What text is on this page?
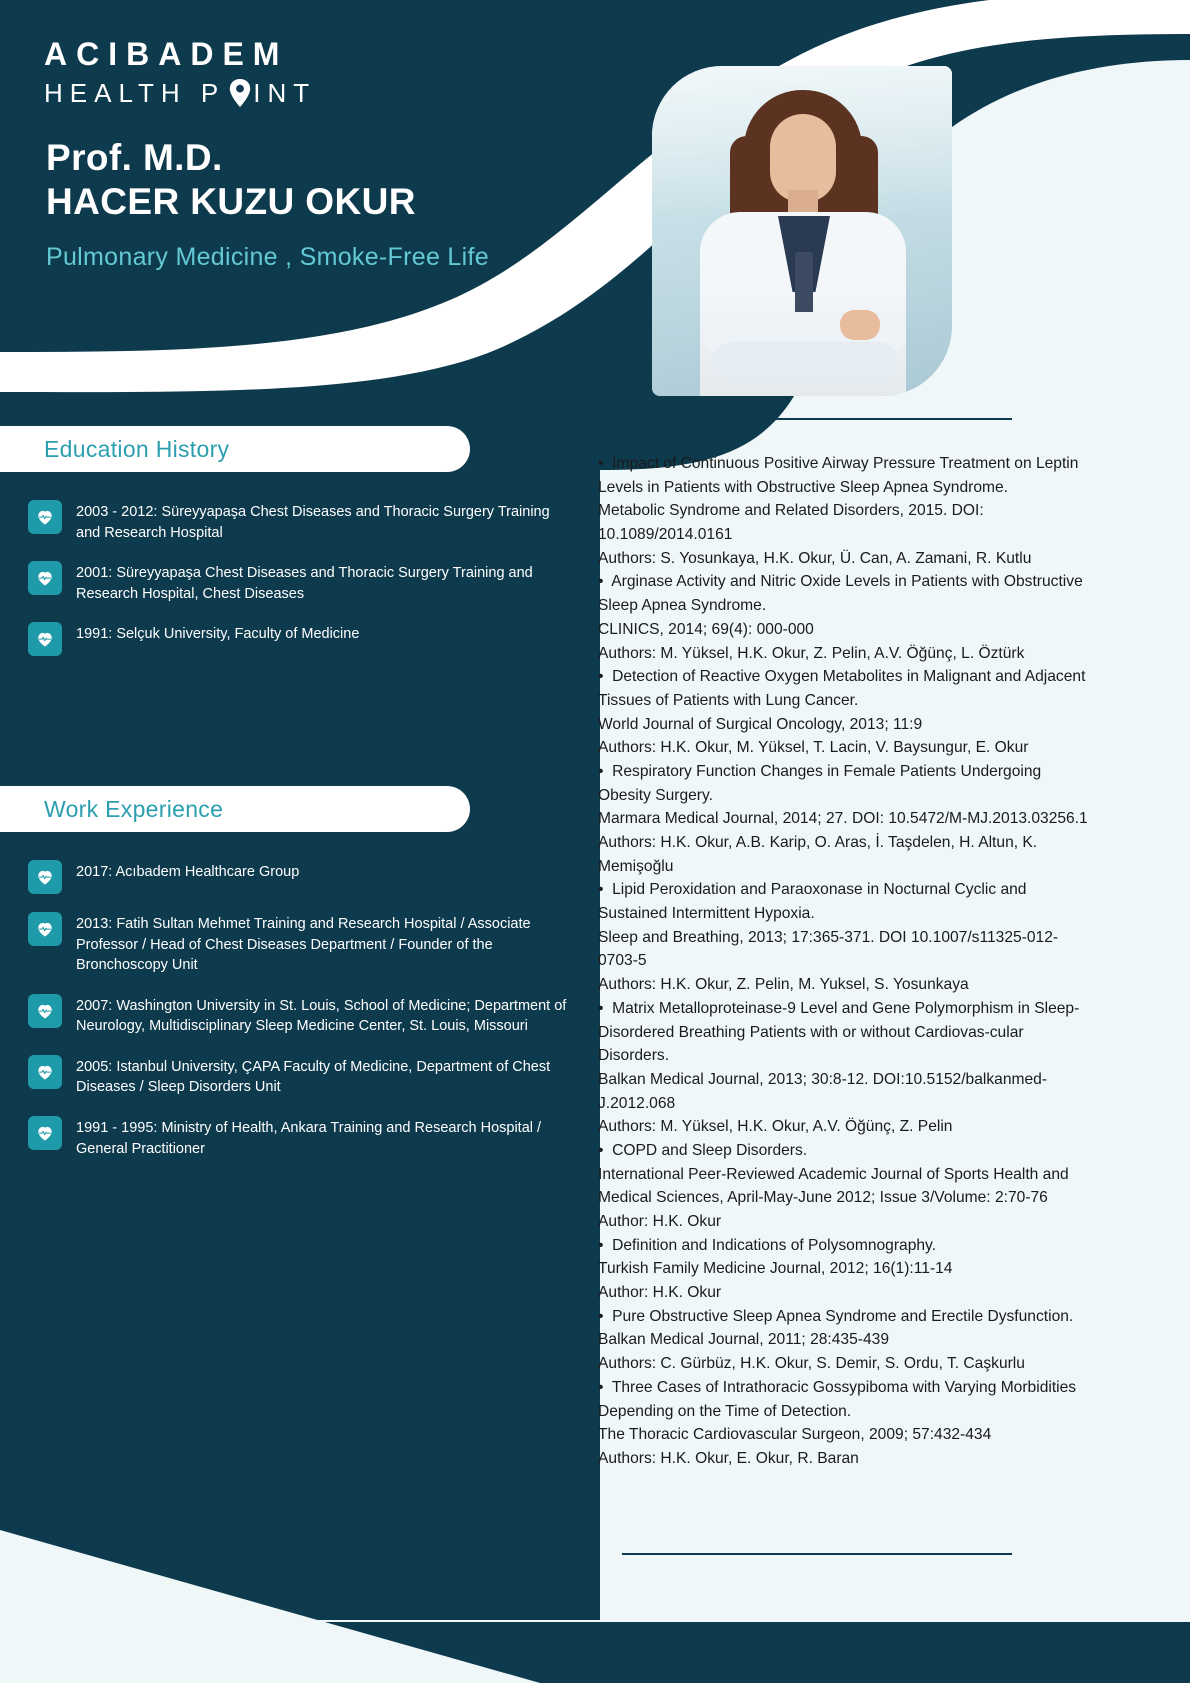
ACIBADEM
HEALTH P INT
Prof. M.D.
HACER KUZU OKUR
Pulmonary Medicine , Smoke-Free Life
Education History
2003 - 2012: Süreyyapaşa Chest Diseases and Thoracic Surgery Training and Research Hospital
2001: Süreyyapaşa Chest Diseases and Thoracic Surgery Training and Research Hospital, Chest Diseases
1991: Selçuk University, Faculty of Medicine
Work Experience
2017: Acıbadem Healthcare Group
2013: Fatih Sultan Mehmet Training and Research Hospital / Associate Professor / Head of Chest Diseases Department / Founder of the Bronchoscopy Unit
2007: Washington University in St. Louis, School of Medicine; Department of Neurology, Multidisciplinary Sleep Medicine Center, St. Louis, Missouri
2005: Istanbul University, ÇAPA Faculty of Medicine, Department of Chest Diseases / Sleep Disorders Unit
1991 - 1995: Ministry of Health, Ankara Training and Research Hospital / General Practitioner
•  Impact of Continuous Positive Airway Pressure Treatment on Leptin Levels in Patients with Obstructive Sleep Apnea Syndrome.
Metabolic Syndrome and Related Disorders, 2015. DOI: 10.1089/2014.0161
Authors: S. Yosunkaya, H.K. Okur, Ü. Can, A. Zamani, R. Kutlu
•  Arginase Activity and Nitric Oxide Levels in Patients with Obstructive Sleep Apnea Syndrome.
CLINICS, 2014; 69(4): 000-000
Authors: M. Yüksel, H.K. Okur, Z. Pelin, A.V. Öğünç, L. Öztürk
•  Detection of Reactive Oxygen Metabolites in Malignant and Adjacent Tissues of Patients with Lung Cancer.
World Journal of Surgical Oncology, 2013; 11:9
Authors: H.K. Okur, M. Yüksel, T. Lacin, V. Baysungur, E. Okur
•  Respiratory Function Changes in Female Patients Undergoing Obesity Surgery.
Marmara Medical Journal, 2014; 27. DOI: 10.5472/M-MJ.2013.03256.1
Authors: H.K. Okur, A.B. Karip, O. Aras, İ. Taşdelen, H. Altun, K. Memişoğlu
•  Lipid Peroxidation and Paraoxonase in Nocturnal Cyclic and Sustained Intermittent Hypoxia.
Sleep and Breathing, 2013; 17:365-371. DOI 10.1007/s11325-012-0703-5
Authors: H.K. Okur, Z. Pelin, M. Yuksel, S. Yosunkaya
•  Matrix Metalloproteinase-9 Level and Gene Polymorphism in Sleep-Disordered Breathing Patients with or without Cardiovas-cular Disorders.
Balkan Medical Journal, 2013; 30:8-12. DOI:10.5152/balkanmed-J.2012.068
Authors: M. Yüksel, H.K. Okur, A.V. Öğünç, Z. Pelin
•  COPD and Sleep Disorders.
International Peer-Reviewed Academic Journal of Sports Health and Medical Sciences, April-May-June 2012; Issue 3/Volume: 2:70-76  Author: H.K. Okur
•  Definition and Indications of Polysomnography.
Turkish Family Medicine Journal, 2012; 16(1):11-14
Author: H.K. Okur
•  Pure Obstructive Sleep Apnea Syndrome and Erectile Dysfunction.
Balkan Medical Journal, 2011; 28:435-439
Authors: C. Gürbüz, H.K. Okur, S. Demir, S. Ordu, T. Caşkurlu
•  Three Cases of Intrathoracic Gossypiboma with Varying Morbidities Depending on the Time of Detection.
The Thoracic Cardiovascular Surgeon, 2009; 57:432-434
Authors: H.K. Okur, E. Okur, R. Baran
